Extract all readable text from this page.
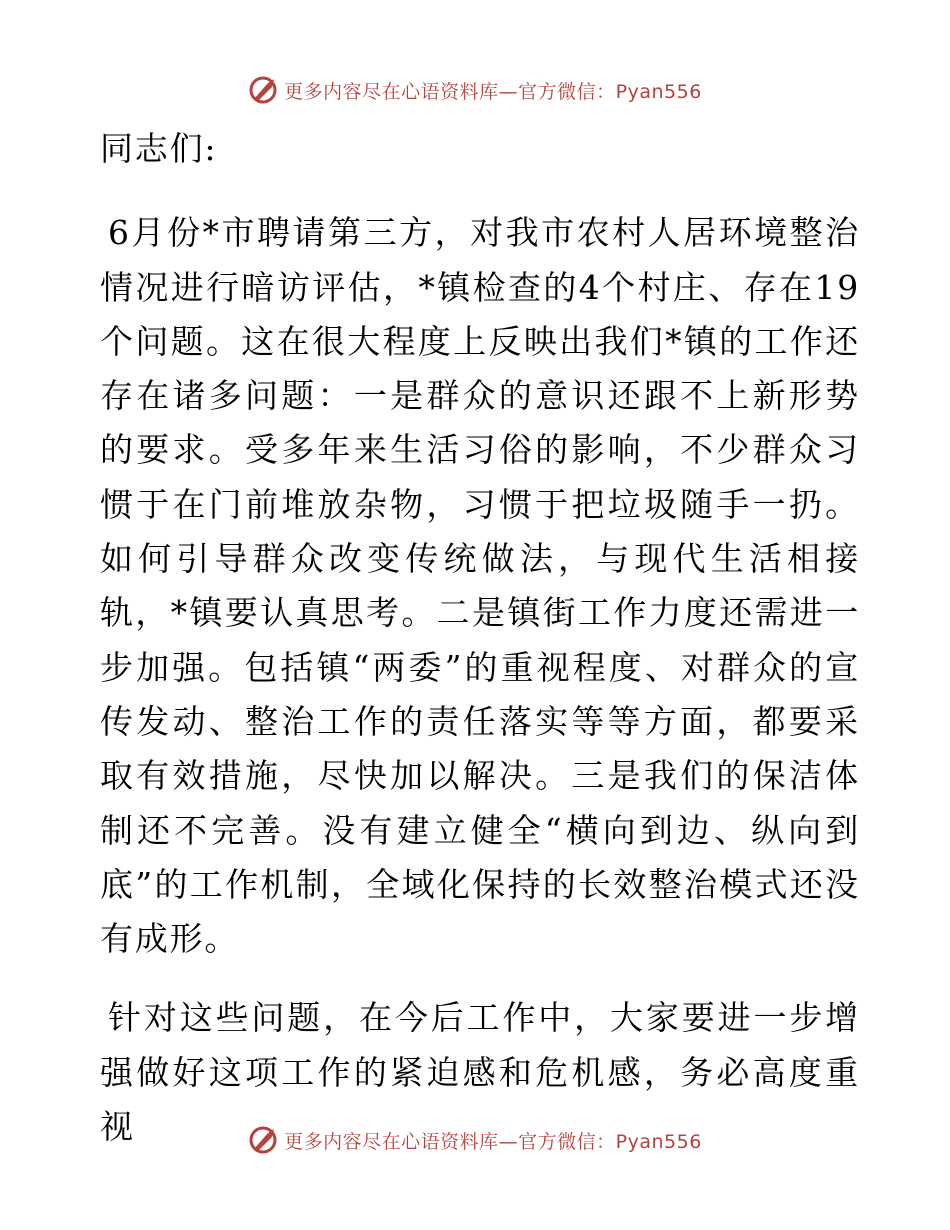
更多内容尽在心语资料库—官方微信：Pyan556

同志们:

6月份*市聘请第三方，对我市农村人居环境整治情况进行暗访评估，*镇检查的4个村庄、存在19个问题。这在很大程度上反映出我们*镇的工作还存在诸多问题：一是群众的意识还跟不上新形势的要求。受多年来生活习俗的影响，不少群众习惯于在门前堆放杂物，习惯于把垃圾随手一扔。如何引导群众改变传统做法，与现代生活相接轨，*镇要认真思考。二是镇街工作力度还需进一步加强。包括镇“两委”的重视程度、对群众的宣传发动、整治工作的责任落实等等方面，都要采取有效措施，尽快加以解决。三是我们的保洁体制还不完善。没有建立健全“横向到边、纵向到底”的工作机制，全域化保持的长效整治模式还没有成形。

针对这些问题，在今后工作中，大家要进一步增强做好这项工作的紧迫感和危机感，务必高度重视	更多内容尽在心语资料库—官方微信：Pyan556
